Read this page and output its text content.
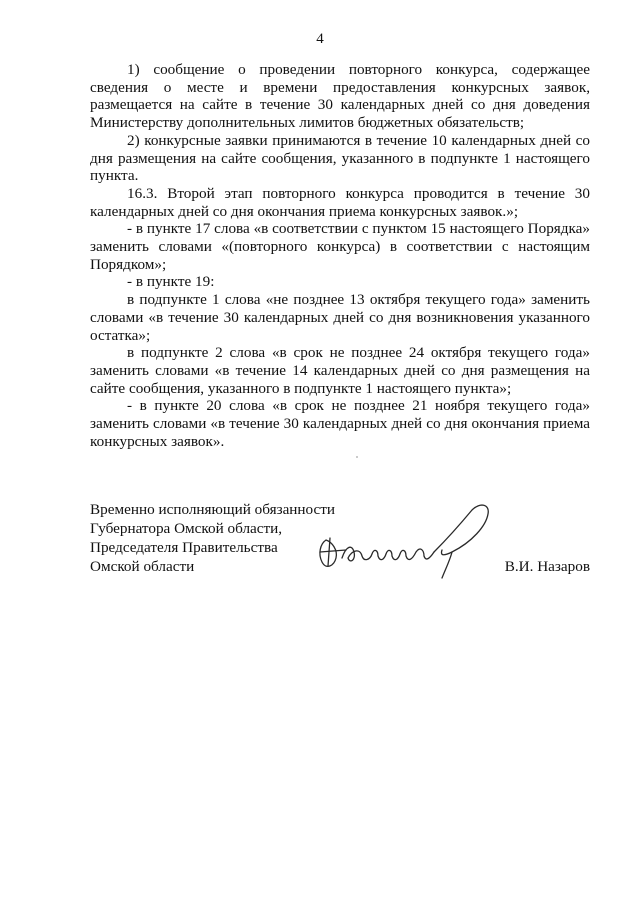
4

1) сообщение о проведении повторного конкурса, содержащее сведения о месте и времени предоставления конкурсных заявок, размещается на сайте в течение 30 календарных дней со дня доведения Министерству дополнительных лимитов бюджетных обязательств;

2) конкурсные заявки принимаются в течение 10 календарных дней со дня размещения на сайте сообщения, указанного в подпункте 1 настоящего пункта.

16.3. Второй этап повторного конкурса проводится в течение 30 календарных дней со дня окончания приема конкурсных заявок.»;

- в пункте 17 слова «в соответствии с пунктом 15 настоящего Порядка» заменить словами «(повторного конкурса) в соответствии с настоящим Порядком»;

- в пункте 19:

в подпункте 1 слова «не позднее 13 октября текущего года» заменить словами «в течение 30 календарных дней со дня возникновения указанного остатка»;

в подпункте 2 слова «в срок не позднее 24 октября текущего года» заменить словами «в течение 14 календарных дней со дня размещения на сайте сообщения, указанного в подпункте 1 настоящего пункта»;

- в пункте 20 слова «в срок не позднее 21 ноября текущего года» заменить словами «в течение 30 календарных дней со дня окончания приема конкурсных заявок».

Временно исполняющий обязанности
Губернатора Омской области,
Председателя Правительства
Омской области	В.И. Назаров
